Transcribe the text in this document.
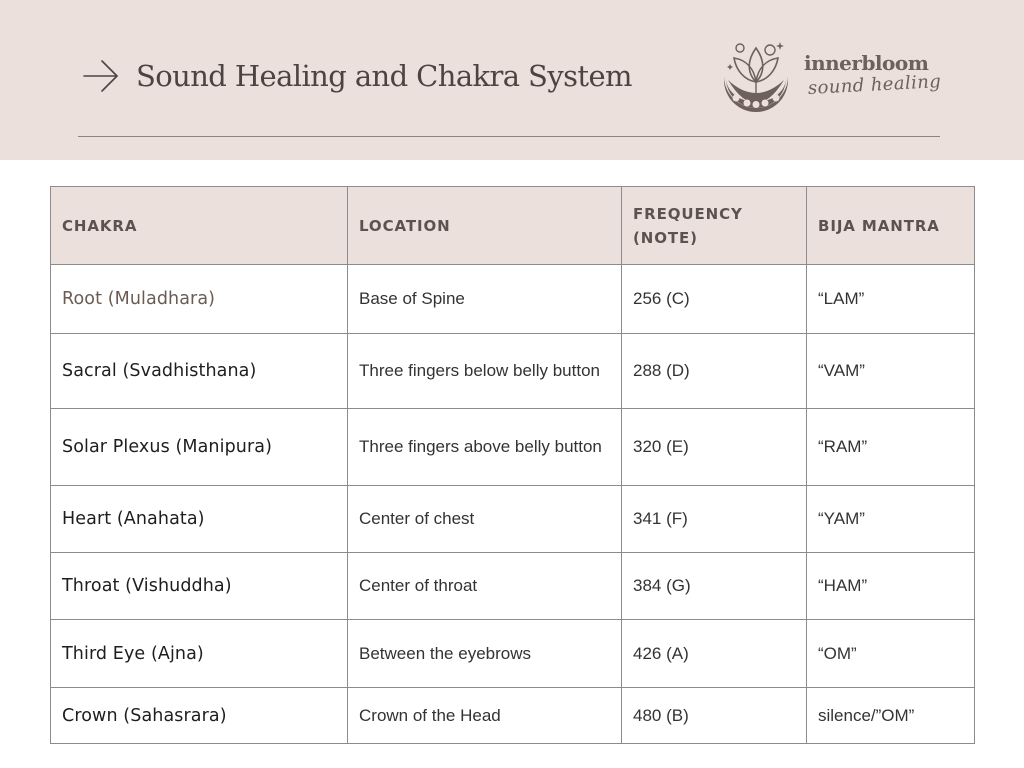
Sound Healing and Chakra System	innerbloom
sound healing
CHAKRA	LOCATION	FREQUENCY (NOTE)	BIJA MANTRA
Root (Muladhara)	Base of Spine	256 (C)	“LAM”
Sacral (Svadhisthana)	Three fingers below belly button	288 (D)	“VAM”
Solar Plexus (Manipura)	Three fingers above belly button	320 (E)	“RAM”
Heart (Anahata)	Center of chest	341 (F)	“YAM”
Throat (Vishuddha)	Center of throat	384 (G)	“HAM”
Third Eye (Ajna)	Between the eyebrows	426 (A)	“OM”
Crown (Sahasrara)	Crown of the Head	480 (B)	silence/”OM”
